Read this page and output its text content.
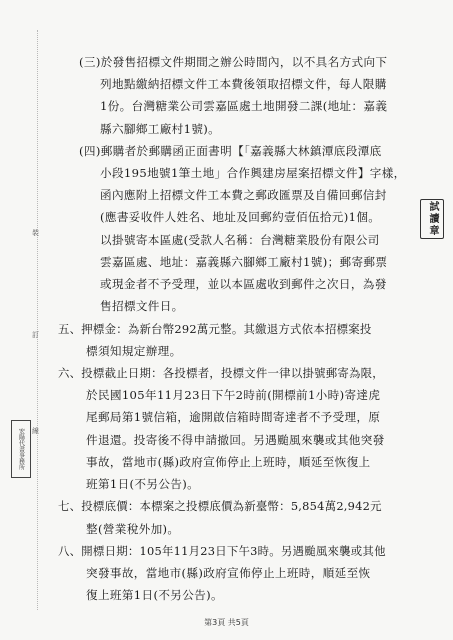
裝
訂
線
宏陽代書事務所
試讀章
(三)於發售招標文件期間之辦公時間內，以不具名方式向下
列地點繳納招標文件工本費後領取招標文件，每人限購
1份。台灣糖業公司雲嘉區處土地開發二課(地址：嘉義
縣六腳鄉工廠村1號)。
(四)郵購者於郵購函正面書明【「嘉義縣大林鎮潭底段潭底
小段195地號1筆土地」合作興建房屋案招標文件】字樣，
函內應附上招標文件工本費之郵政匯票及自備回郵信封
(應書妥收件人姓名、地址及回郵約壹佰伍拾元)1個。
以掛號寄本區處(受款人名稱：台灣糖業股份有限公司
雲嘉區處、地址：嘉義縣六腳鄉工廠村1號)；郵寄郵票
或現金者不予受理，並以本區處收到郵件之次日，為發
售招標文件日。
五、押標金：為新台幣292萬元整。其繳退方式依本招標案投
標須知規定辦理。
六、投標截止日期：各投標者，投標文件一律以掛號郵寄為限，
於民國105年11月23日下午2時前(開標前1小時)寄達虎
尾郵局第1號信箱，逾開啟信箱時間寄達者不予受理，原
件退還。投寄後不得申請撤回。另遇颱風來襲或其他突發
事故，當地市(縣)政府宣佈停止上班時，順延至恢復上
班第1日(不另公告)。
七、投標底價：本標案之投標底價為新臺幣：5,854萬2,942元
整(營業稅外加)。
八、開標日期：105年11月23日下午3時。另遇颱風來襲或其他
突發事故，當地市(縣)政府宣佈停止上班時，順延至恢
復上班第1日(不另公告)。
第3頁 共5頁
